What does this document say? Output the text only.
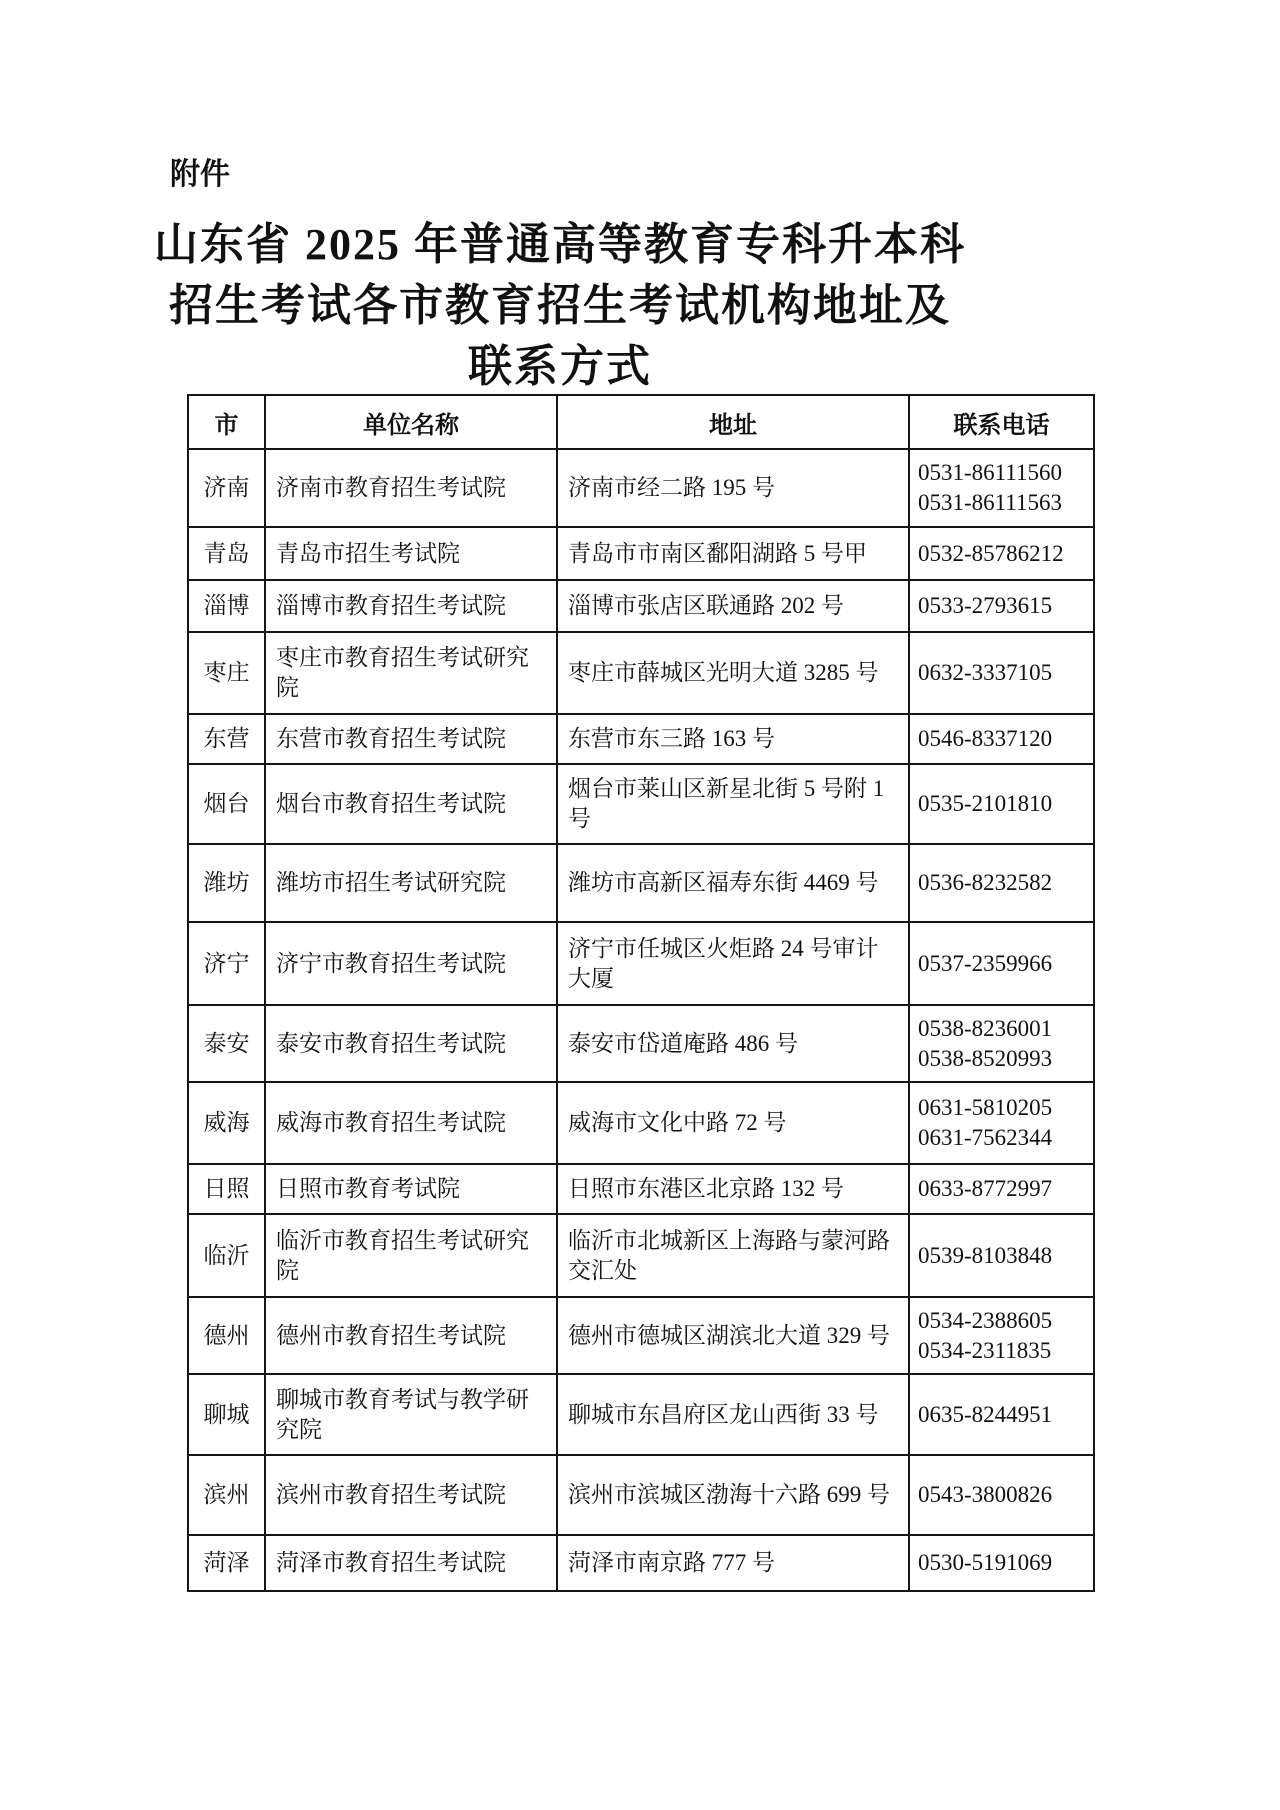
附件
山东省 2025 年普通高等教育专科升本科
招生考试各市教育招生考试机构地址及
联系方式
市	单位名称	地址	联系电话
济南	济南市教育招生考试院	济南市经二路 195 号	0531-86111560
0531-86111563

青岛	青岛市招生考试院	青岛市市南区鄱阳湖路 5 号甲	0532-85786212

淄博	淄博市教育招生考试院	淄博市张店区联通路 202 号	0533-2793615

枣庄	枣庄市教育招生考试研究院	枣庄市薛城区光明大道 3285 号	0632-3337105

东营	东营市教育招生考试院	东营市东三路 163 号	0546-8337120

烟台	烟台市教育招生考试院	烟台市莱山区新星北街 5 号附 1 号	0535-2101810

潍坊	潍坊市招生考试研究院	潍坊市高新区福寿东街 4469 号	0536-8232582

济宁	济宁市教育招生考试院	济宁市任城区火炬路 24 号审计大厦	0537-2359966

泰安	泰安市教育招生考试院	泰安市岱道庵路 486 号	0538-8236001
0538-8520993

威海	威海市教育招生考试院	威海市文化中路 72 号	0631-5810205
0631-7562344

日照	日照市教育考试院	日照市东港区北京路 132 号	0633-8772997

临沂	临沂市教育招生考试研究院	临沂市北城新区上海路与蒙河路交汇处	0539-8103848

德州	德州市教育招生考试院	德州市德城区湖滨北大道 329 号	0534-2388605
0534-2311835

聊城	聊城市教育考试与教学研究院	聊城市东昌府区龙山西街 33 号	0635-8244951

滨州	滨州市教育招生考试院	滨州市滨城区渤海十六路 699 号	0543-3800826

菏泽	菏泽市教育招生考试院	菏泽市南京路 777 号	0530-5191069
